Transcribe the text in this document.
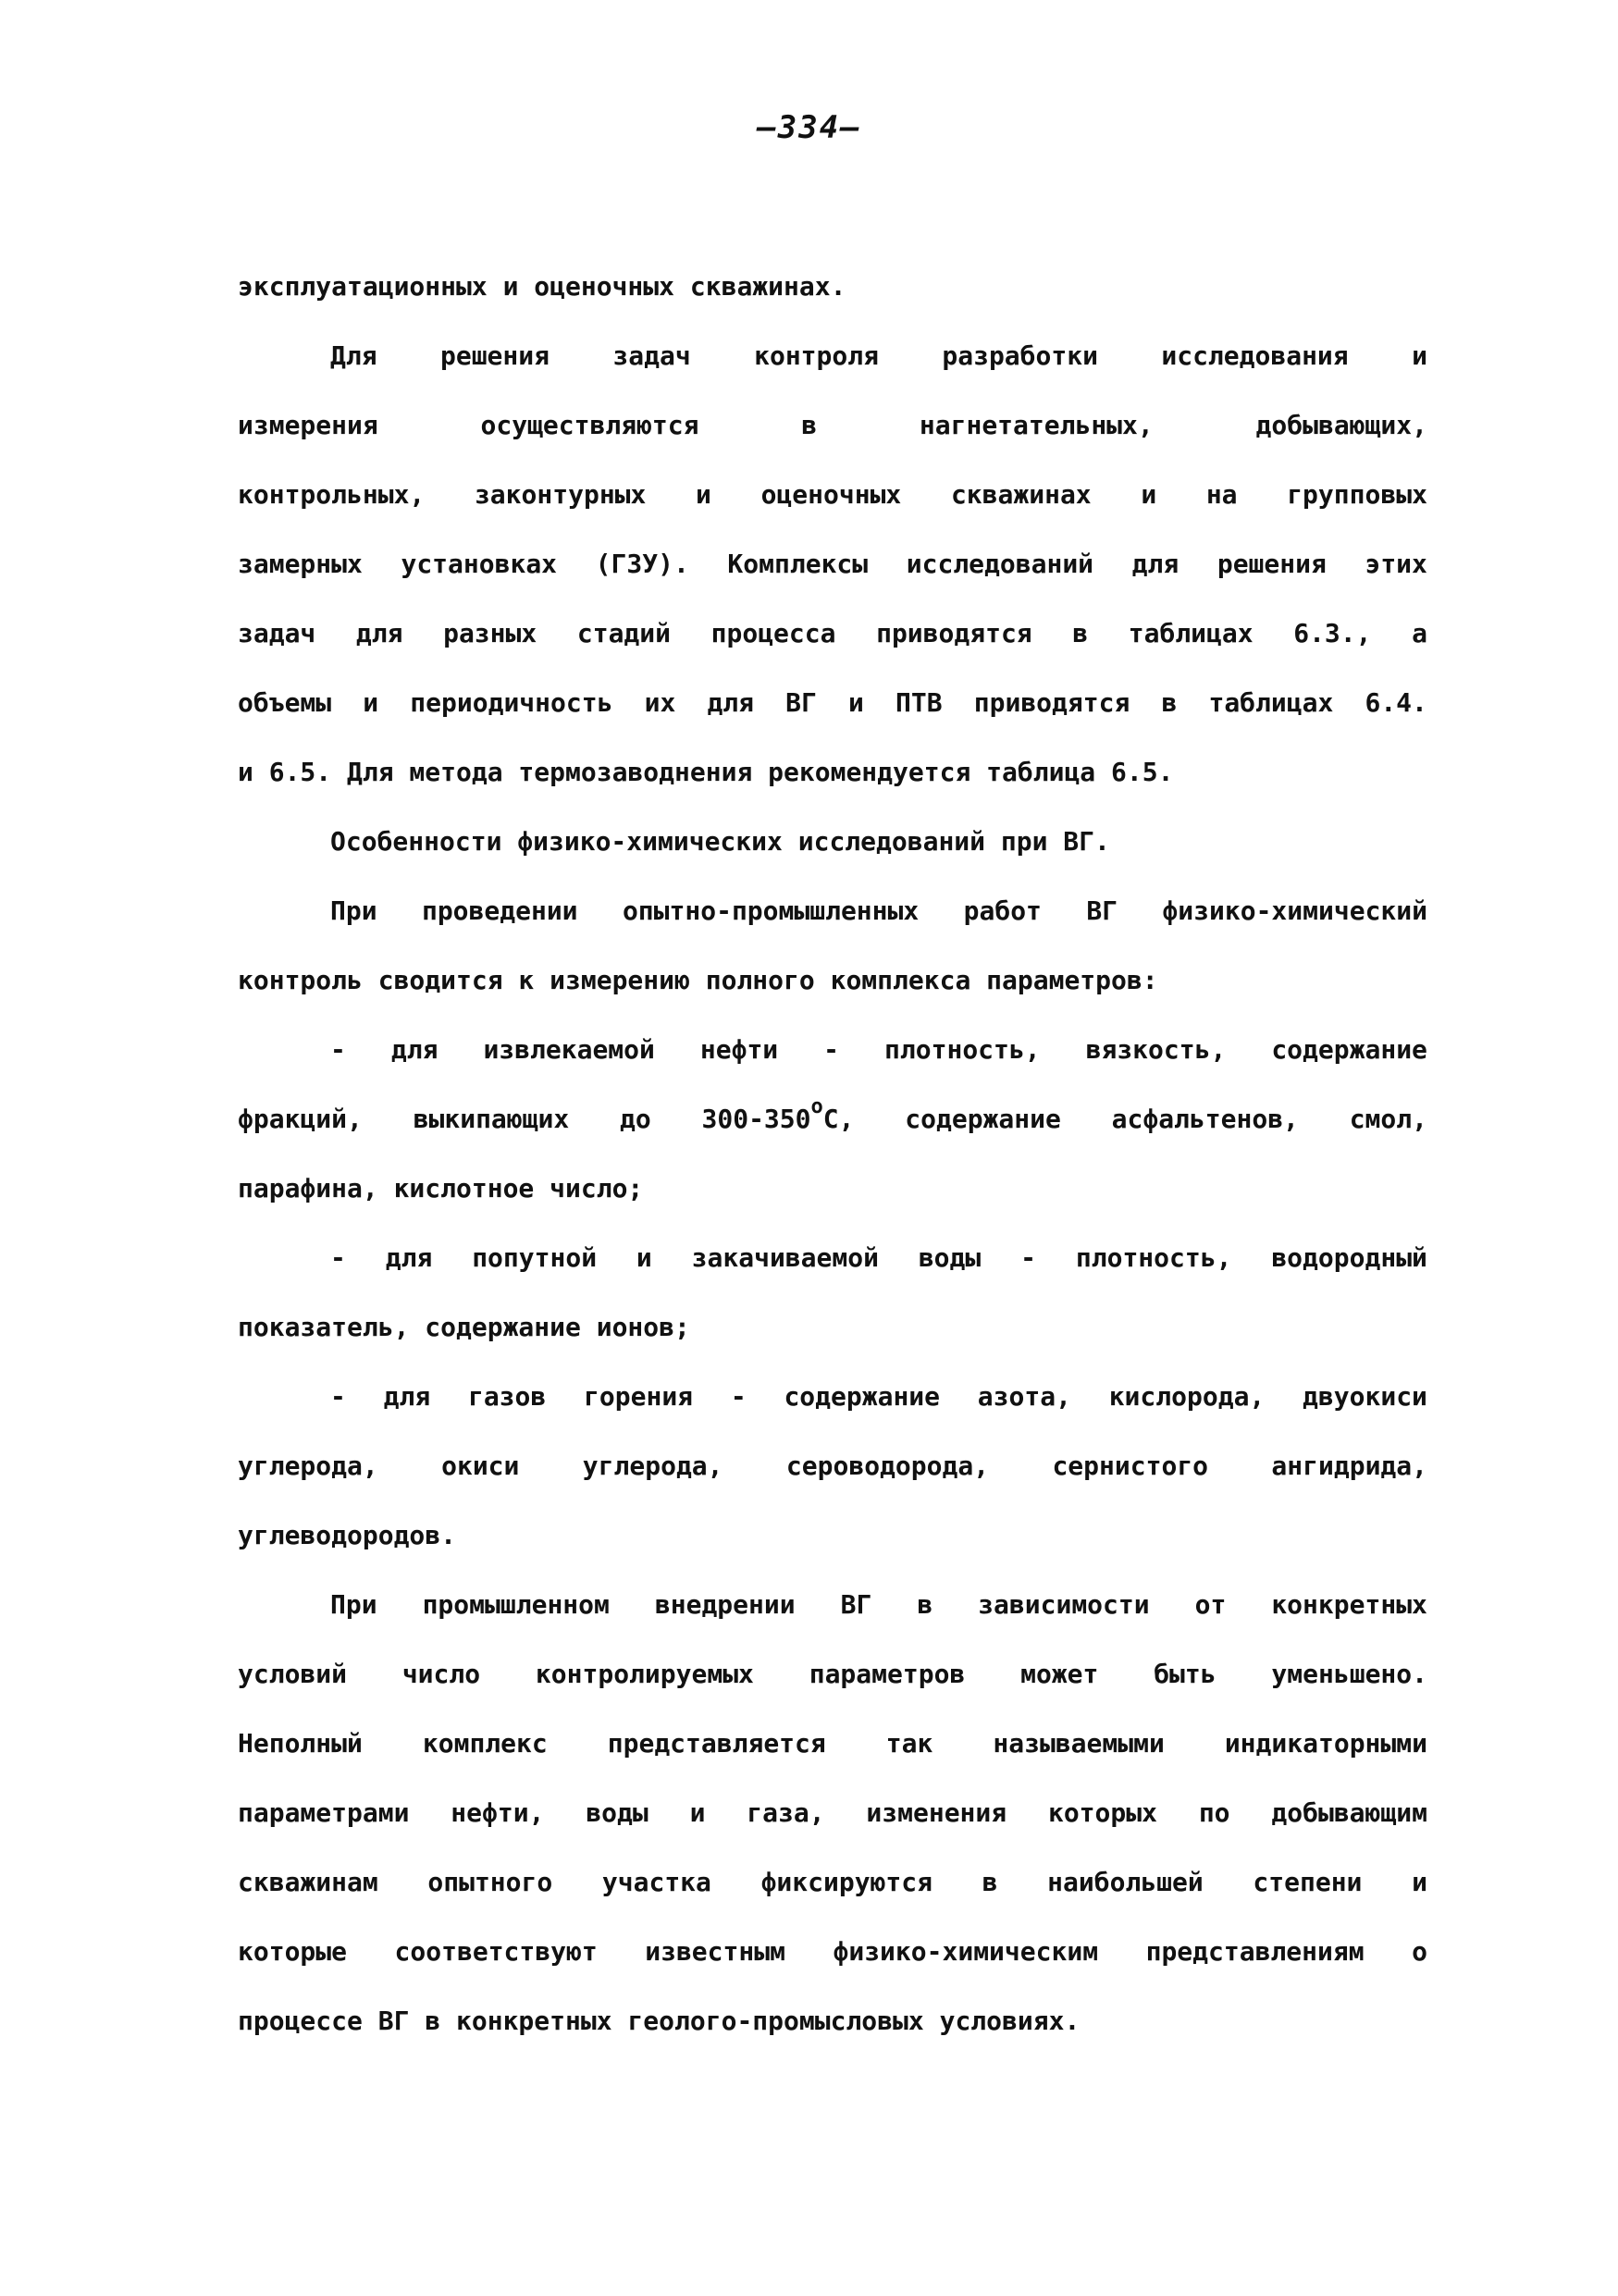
—334—
эксплуатационных и оценочных скважинах.
Для решения задач контроля разработки исследования и
измерения	осуществляются	в	нагнетательных,	добывающих,
контрольных, законтурных и оценочных скважинах и на групповых
замерных установках (ГЗУ). Комплексы исследований для решения этих
задач для разных стадий процесса приводятся в таблицах 6.3., а
объемы и периодичность их для ВГ и ПТВ приводятся в таблицах 6.4.
и 6.5. Для метода термозаводнения рекомендуется таблица 6.5.
Особенности физико-химических исследований при ВГ.
При проведении опытно-промышленных работ ВГ физико-химический
контроль сводится к измерению полного комплекса параметров:
- для извлекаемой нефти - плотность, вязкость, содержание
фракций, выкипающих до 300-350$^o$С, содержание асфальтенов, смол,
парафина, кислотное число;
- для попутной и закачиваемой воды - плотность, водородный
показатель, содержание ионов;
- для газов горения - содержание азота, кислорода, двуокиси
углерода, окиси углерода, сероводорода, сернистого ангидрида,
углеводородов.
При промышленном внедрении ВГ в зависимости от конкретных
условий число контролируемых параметров может быть уменьшено.
Неполный комплекс представляется так называемыми индикаторными
параметрами нефти, воды и газа, изменения которых по добывающим
скважинам опытного участка фиксируются в наибольшей степени и
которые соответствуют известным физико-химическим представлениям о
процессе ВГ в конкретных геолого-промысловых условиях.
